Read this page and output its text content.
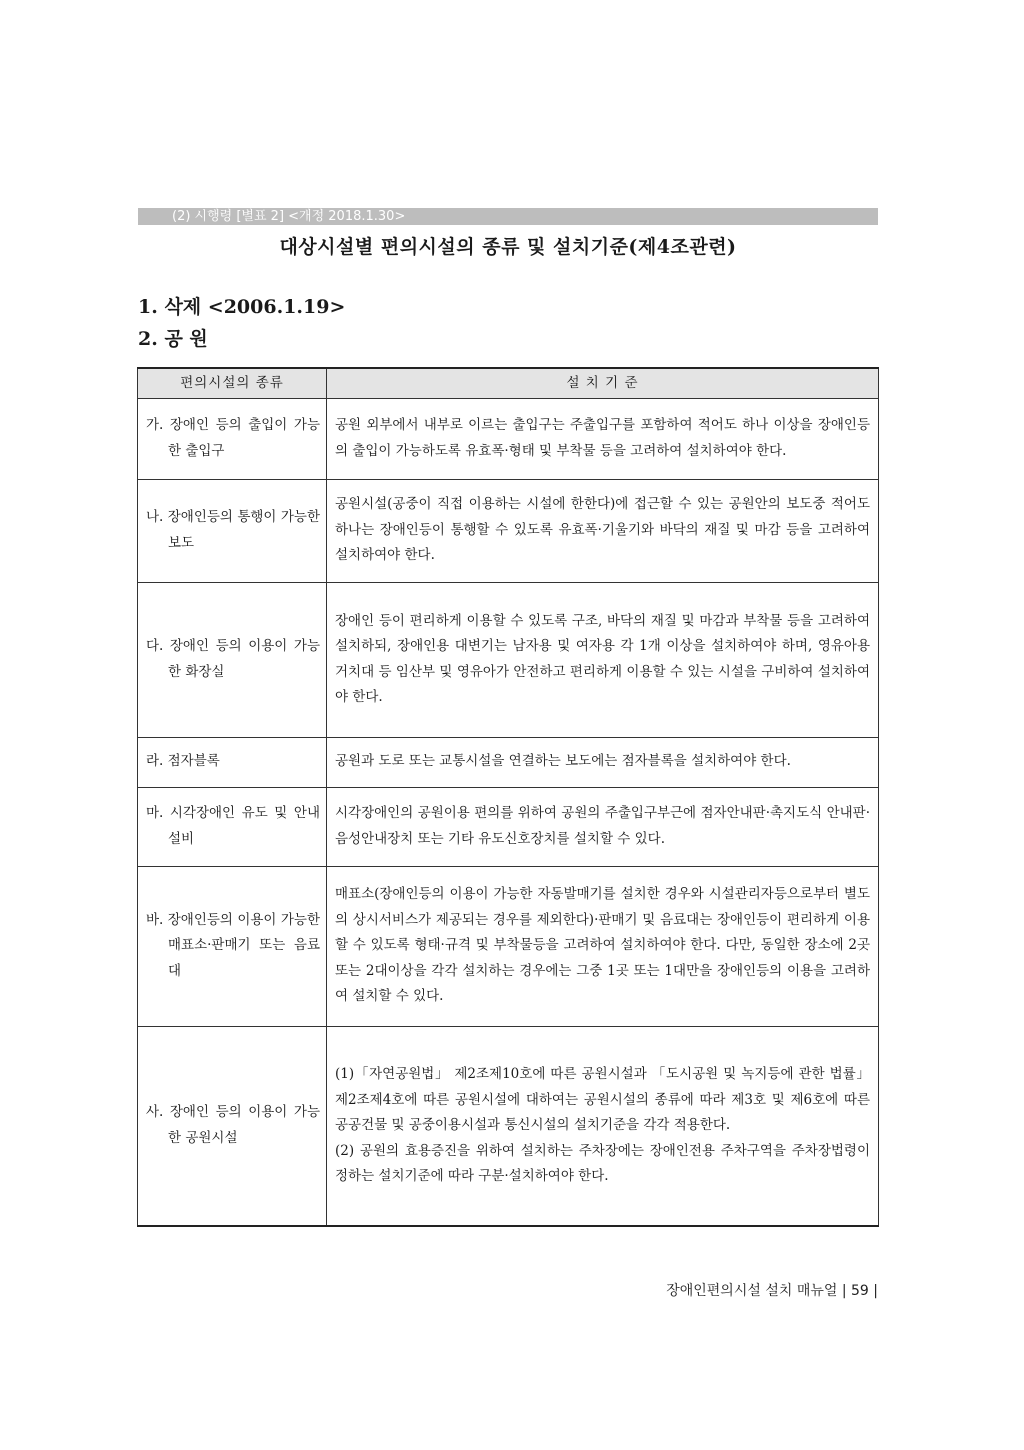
(2) 시행령 [별표 2] <개정 2018.1.30>
대상시설별 편의시설의 종류 및 설치기준(제4조관련)
1. 삭제 <2006.1.19>
2. 공 원
편의시설의 종류	설 치 기 준

가. 장애인 등의 출입이 가능한 출입구	공원 외부에서 내부로 이르는 출입구는 주출입구를 포함하여 적어도 하나 이상을 장애인등의 출입이 가능하도록 유효폭·형태 및 부착물 등을 고려하여 설치하여야 한다.

나. 장애인등의 통행이 가능한 보도	공원시설(공중이 직접 이용하는 시설에 한한다)에 접근할 수 있는 공원안의 보도중 적어도 하나는 장애인등이 통행할 수 있도록 유효폭·기울기와 바닥의 재질 및 마감 등을 고려하여 설치하여야 한다.

다. 장애인 등의 이용이 가능한 화장실	장애인 등이 편리하게 이용할 수 있도록 구조, 바닥의 재질 및 마감과 부착물 등을 고려하여 설치하되, 장애인용 대변기는 남자용 및 여자용 각 1개 이상을 설치하여야 하며, 영유아용 거치대 등 임산부 및 영유아가 안전하고 편리하게 이용할 수 있는 시설을 구비하여 설치하여야 한다.

라. 점자블록	공원과 도로 또는 교통시설을 연결하는 보도에는 점자블록을 설치하여야 한다.

마. 시각장애인 유도 및 안내설비	시각장애인의 공원이용 편의를 위하여 공원의 주출입구부근에 점자안내판·촉지도식 안내판·음성안내장치 또는 기타 유도신호장치를 설치할 수 있다.

바. 장애인등의 이용이 가능한 매표소·판매기 또는 음료대	매표소(장애인등의 이용이 가능한 자동발매기를 설치한 경우와 시설관리자등으로부터 별도의 상시서비스가 제공되는 경우를 제외한다)·판매기 및 음료대는 장애인등이 편리하게 이용할 수 있도록 형태·규격 및 부착물등을 고려하여 설치하여야 한다. 다만, 동일한 장소에 2곳 또는 2대이상을 각각 설치하는 경우에는 그중 1곳 또는 1대만을 장애인등의 이용을 고려하여 설치할 수 있다.

사. 장애인 등의 이용이 가능한 공원시설	(1)「자연공원법」 제2조제10호에 따른 공원시설과 「도시공원 및 녹지등에 관한 법률」 제2조제4호에 따른 공원시설에 대하여는 공원시설의 종류에 따라 제3호 및 제6호에 따른 공공건물 및 공중이용시설과 통신시설의 설치기준을 각각 적용한다.

(2) 공원의 효용증진을 위하여 설치하는 주차장에는 장애인전용 주차구역을 주차장법령이 정하는 설치기준에 따라 구분·설치하여야 한다.

장애인편의시설 설치 매뉴얼 | 59 |
